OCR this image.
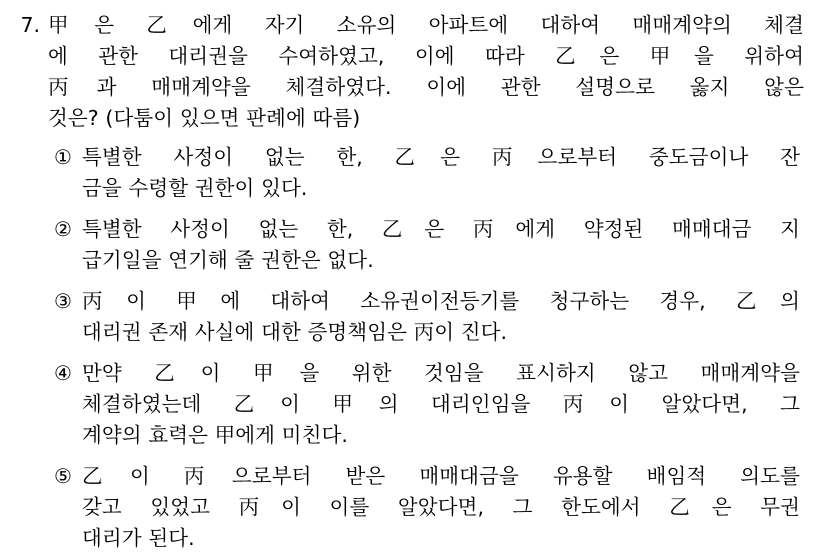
7. 甲은 乙에게 자기 소유의 아파트에 대하여 매매계약의 체결
에 관한 대리권을 수여하였고, 이에 따라 乙은 甲을 위하여
丙과 매매계약을 체결하였다. 이에 관한 설명으로 옳지 않은
것은? (다툼이 있으면 판례에 따름)
① 특별한 사정이 없는 한, 乙은 丙으로부터 중도금이나 잔
금을 수령할 권한이 있다.
② 특별한 사정이 없는 한, 乙은 丙에게 약정된 매매대금 지
급기일을 연기해 줄 권한은 없다.
③ 丙이 甲에 대하여 소유권이전등기를 청구하는 경우, 乙의
대리권 존재 사실에 대한 증명책임은 丙이 진다.
④ 만약 乙이 甲을 위한 것임을 표시하지 않고 매매계약을
체결하였는데 乙이 甲의 대리인임을 丙이 알았다면, 그
계약의 효력은 甲에게 미친다.
⑤ 乙이 丙으로부터 받은 매매대금을 유용할 배임적 의도를
갖고 있었고 丙이 이를 알았다면, 그 한도에서 乙은 무권
대리가 된다.
